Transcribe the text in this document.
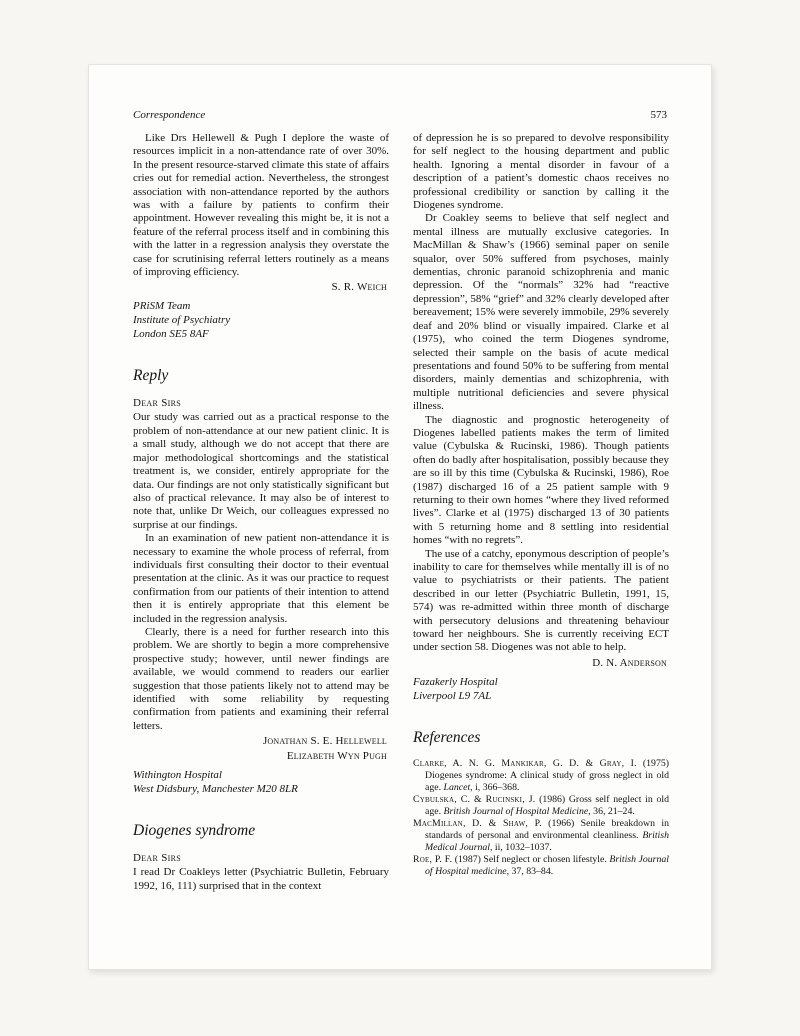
Correspondence	573

Like Drs Hellewell & Pugh I deplore the waste of resources implicit in a non-attendance rate of over 30%. In the present resource-starved climate this state of affairs cries out for remedial action. Nevertheless, the strongest association with non-attendance reported by the authors was with a failure by patients to confirm their appointment. However revealing this might be, it is not a feature of the referral process itself and in combining this with the latter in a regression analysis they overstate the case for scrutinising referral letters routinely as a means of improving efficiency.

S. R. Weich

PRiSM Team

Institute of Psychiatry

London SE5 8AF

Reply

Dear Sirs

Our study was carried out as a practical response to the problem of non-attendance at our new patient clinic. It is a small study, although we do not accept that there are major methodological shortcomings and the statistical treatment is, we consider, entirely appropriate for the data. Our findings are not only statistically significant but also of practical relevance. It may also be of interest to note that, unlike Dr Weich, our colleagues expressed no surprise at our findings.

In an examination of new patient non-attendance it is necessary to examine the whole process of referral, from individuals first consulting their doctor to their eventual presentation at the clinic. As it was our practice to request confirmation from our patients of their intention to attend then it is entirely appropriate that this element be included in the regression analysis.

Clearly, there is a need for further research into this problem. We are shortly to begin a more comprehensive prospective study; however, until newer findings are available, we would commend to readers our earlier suggestion that those patients likely not to attend may be identified with some reliability by requesting confirmation from patients and examining their referral letters.

Jonathan S. E. Hellewell

Elizabeth Wyn Pugh

Withington Hospital

West Didsbury, Manchester M20 8LR

Diogenes syndrome

Dear Sirs

I read Dr Coakleys letter (Psychiatric Bulletin, February 1992, 16, 111) surprised that in the context

of depression he is so prepared to devolve responsibility for self neglect to the housing department and public health. Ignoring a mental disorder in favour of a description of a patient’s domestic chaos receives no professional credibility or sanction by calling it the Diogenes syndrome.

Dr Coakley seems to believe that self neglect and mental illness are mutually exclusive categories. In MacMillan & Shaw’s (1966) seminal paper on senile squalor, over 50% suffered from psychoses, mainly dementias, chronic paranoid schizophrenia and manic depression. Of the “normals” 32% had “reactive depression”, 58% “grief” and 32% clearly developed after bereavement; 15% were severely immobile, 29% severely deaf and 20% blind or visually impaired. Clarke et al (1975), who coined the term Diogenes syndrome, selected their sample on the basis of acute medical presentations and found 50% to be suffering from mental disorders, mainly dementias and schizophrenia, with multiple nutritional deficiencies and severe physical illness.

The diagnostic and prognostic heterogeneity of Diogenes labelled patients makes the term of limited value (Cybulska & Rucinski, 1986). Though patients often do badly after hospitalisation, possibly because they are so ill by this time (Cybulska & Rucinski, 1986), Roe (1987) discharged 16 of a 25 patient sample with 9 returning to their own homes “where they lived reformed lives”. Clarke et al (1975) discharged 13 of 30 patients with 5 returning home and 8 settling into residential homes “with no regrets”.

The use of a catchy, eponymous description of people’s inability to care for themselves while mentally ill is of no value to psychiatrists or their patients. The patient described in our letter (Psychiatric Bulletin, 1991, 15, 574) was re-admitted within three month of discharge with persecutory delusions and threatening behaviour toward her neighbours. She is currently receiving ECT under section 58. Diogenes was not able to help.

D. N. Anderson

Fazakerly Hospital

Liverpool L9 7AL

References

Clarke, A. N. G. Mankikar, G. D. & Gray, I. (1975) Diogenes syndrome: A clinical study of gross neglect in old age. Lancet, i, 366–368.

Cybulska, C. & Rucinski, J. (1986) Gross self neglect in old age. British Journal of Hospital Medicine, 36, 21–24.

MacMillan, D. & Shaw, P. (1966) Senile breakdown in standards of personal and environmental cleanliness. British Medical Journal, ii, 1032–1037.

Roe, P. F. (1987) Self neglect or chosen lifestyle. British Journal of Hospital medicine, 37, 83–84.
